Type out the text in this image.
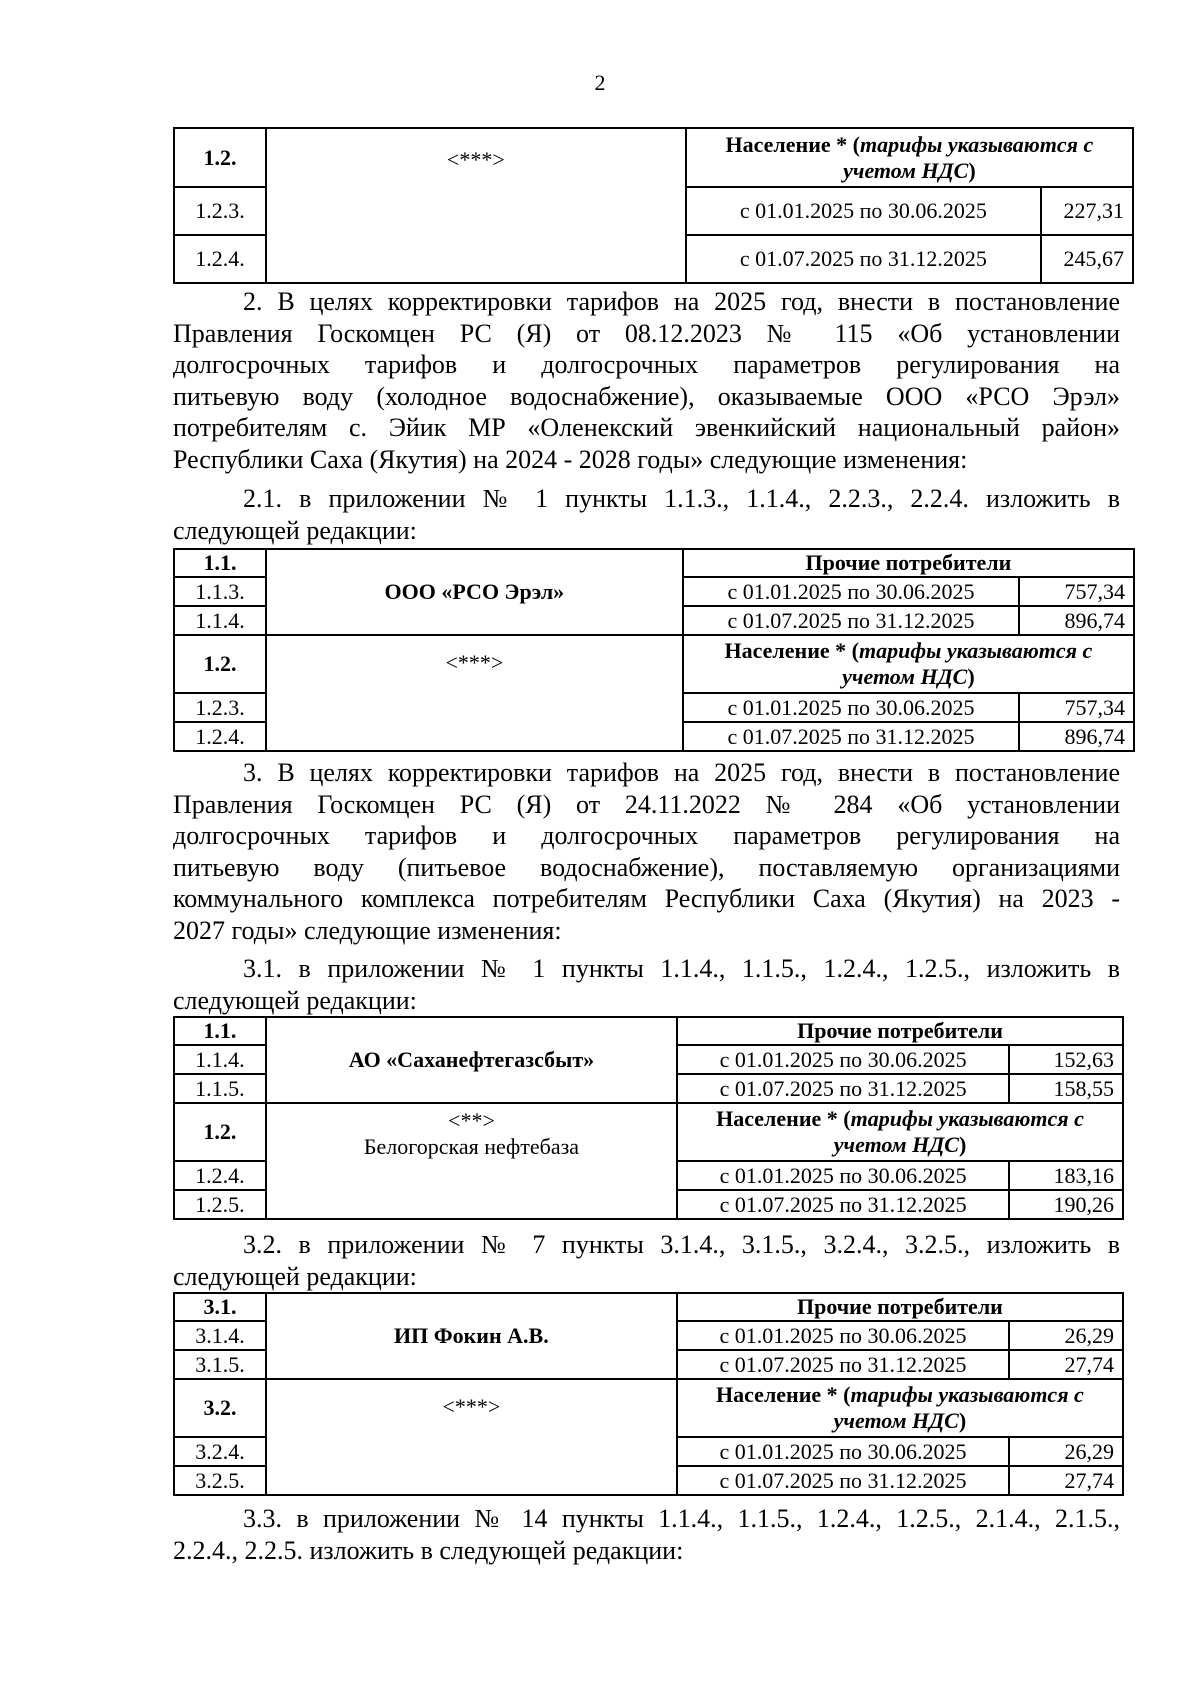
2
1.2.	<***>	Население * (тарифы указываются с учетом НДС)	
1.2.3.		с 01.01.2025 по 30.06.2025	227,31
1.2.4.		с 01.07.2025 по 31.12.2025	245,67
2. В целях корректировки тарифов на 2025 год, внести в постановление
Правления Госкомцен РС (Я) от 08.12.2023 № 115 «Об установлении
долгосрочных тарифов и долгосрочных параметров регулирования на
питьевую воду (холодное водоснабжение), оказываемые ООО «РСО Эрэл»
потребителям с. Эйик МР «Оленекский эвенкийский национальный район»
Республики Саха (Якутия) на 2024 - 2028 годы» следующие изменения:
2.1. в приложении № 1 пункты 1.1.3., 1.1.4., 2.2.3., 2.2.4. изложить в
следующей редакции:
1.1.	ООО «РСО Эрэл»	Прочие потребители	
1.1.3.		с 01.01.2025 по 30.06.2025	757,34
1.1.4.		с 01.07.2025 по 31.12.2025	896,74
1.2.	<***>	Население * (тарифы указываются с учетом НДС)	
1.2.3.		с 01.01.2025 по 30.06.2025	757,34
1.2.4.		с 01.07.2025 по 31.12.2025	896,74
3. В целях корректировки тарифов на 2025 год, внести в постановление
Правления Госкомцен РС (Я) от 24.11.2022 № 284 «Об установлении
долгосрочных тарифов и долгосрочных параметров регулирования на
питьевую воду (питьевое водоснабжение), поставляемую организациями
коммунального комплекса потребителям Республики Саха (Якутия) на 2023 -
2027 годы» следующие изменения:
3.1. в приложении № 1 пункты 1.1.4., 1.1.5., 1.2.4., 1.2.5., изложить в
следующей редакции:
1.1.	АО «Саханефтегазсбыт»	Прочие потребители	
1.1.4.		с 01.01.2025 по 30.06.2025	152,63
1.1.5.		с 01.07.2025 по 31.12.2025	158,55
1.2.	<**>
Белогорская нефтебаза	Население * (тарифы указываются с учетом НДС)	
1.2.4.		с 01.01.2025 по 30.06.2025	183,16
1.2.5.		с 01.07.2025 по 31.12.2025	190,26
3.2. в приложении № 7 пункты 3.1.4., 3.1.5., 3.2.4., 3.2.5., изложить в
следующей редакции:
3.1.	ИП Фокин А.В.	Прочие потребители	
3.1.4.		с 01.01.2025 по 30.06.2025	26,29
3.1.5.		с 01.07.2025 по 31.12.2025	27,74
3.2.	<***>	Население * (тарифы указываются с учетом НДС)	
3.2.4.		с 01.01.2025 по 30.06.2025	26,29
3.2.5.		с 01.07.2025 по 31.12.2025	27,74
3.3. в приложении № 14 пункты 1.1.4., 1.1.5., 1.2.4., 1.2.5., 2.1.4., 2.1.5.,
2.2.4., 2.2.5. изложить в следующей редакции:
